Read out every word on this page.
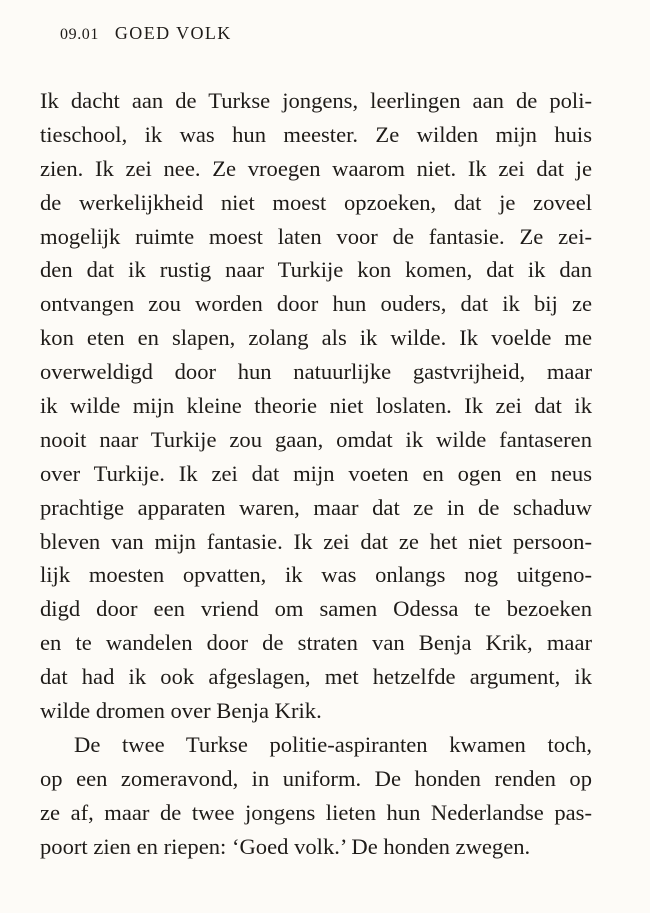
09.01 GOED VOLK
Ik dacht aan de Turkse jongens, leerlingen aan de poli-
tieschool, ik was hun meester. Ze wilden mijn huis
zien. Ik zei nee. Ze vroegen waarom niet. Ik zei dat je
de werkelijkheid niet moest opzoeken, dat je zoveel
mogelijk ruimte moest laten voor de fantasie. Ze zei-
den dat ik rustig naar Turkije kon komen, dat ik dan
ontvangen zou worden door hun ouders, dat ik bij ze
kon eten en slapen, zolang als ik wilde. Ik voelde me
overweldigd door hun natuurlijke gastvrijheid, maar
ik wilde mijn kleine theorie niet loslaten. Ik zei dat ik
nooit naar Turkije zou gaan, omdat ik wilde fantaseren
over Turkije. Ik zei dat mijn voeten en ogen en neus
prachtige apparaten waren, maar dat ze in de schaduw
bleven van mijn fantasie. Ik zei dat ze het niet persoon-
lijk moesten opvatten, ik was onlangs nog uitgeno-
digd door een vriend om samen Odessa te bezoeken
en te wandelen door de straten van Benja Krik, maar
dat had ik ook afgeslagen, met hetzelfde argument, ik
wilde dromen over Benja Krik.
De twee Turkse politie-aspiranten kwamen toch,
op een zomeravond, in uniform. De honden renden op
ze af, maar de twee jongens lieten hun Nederlandse pas-
poort zien en riepen: ‘Goed volk.’ De honden zwegen.
